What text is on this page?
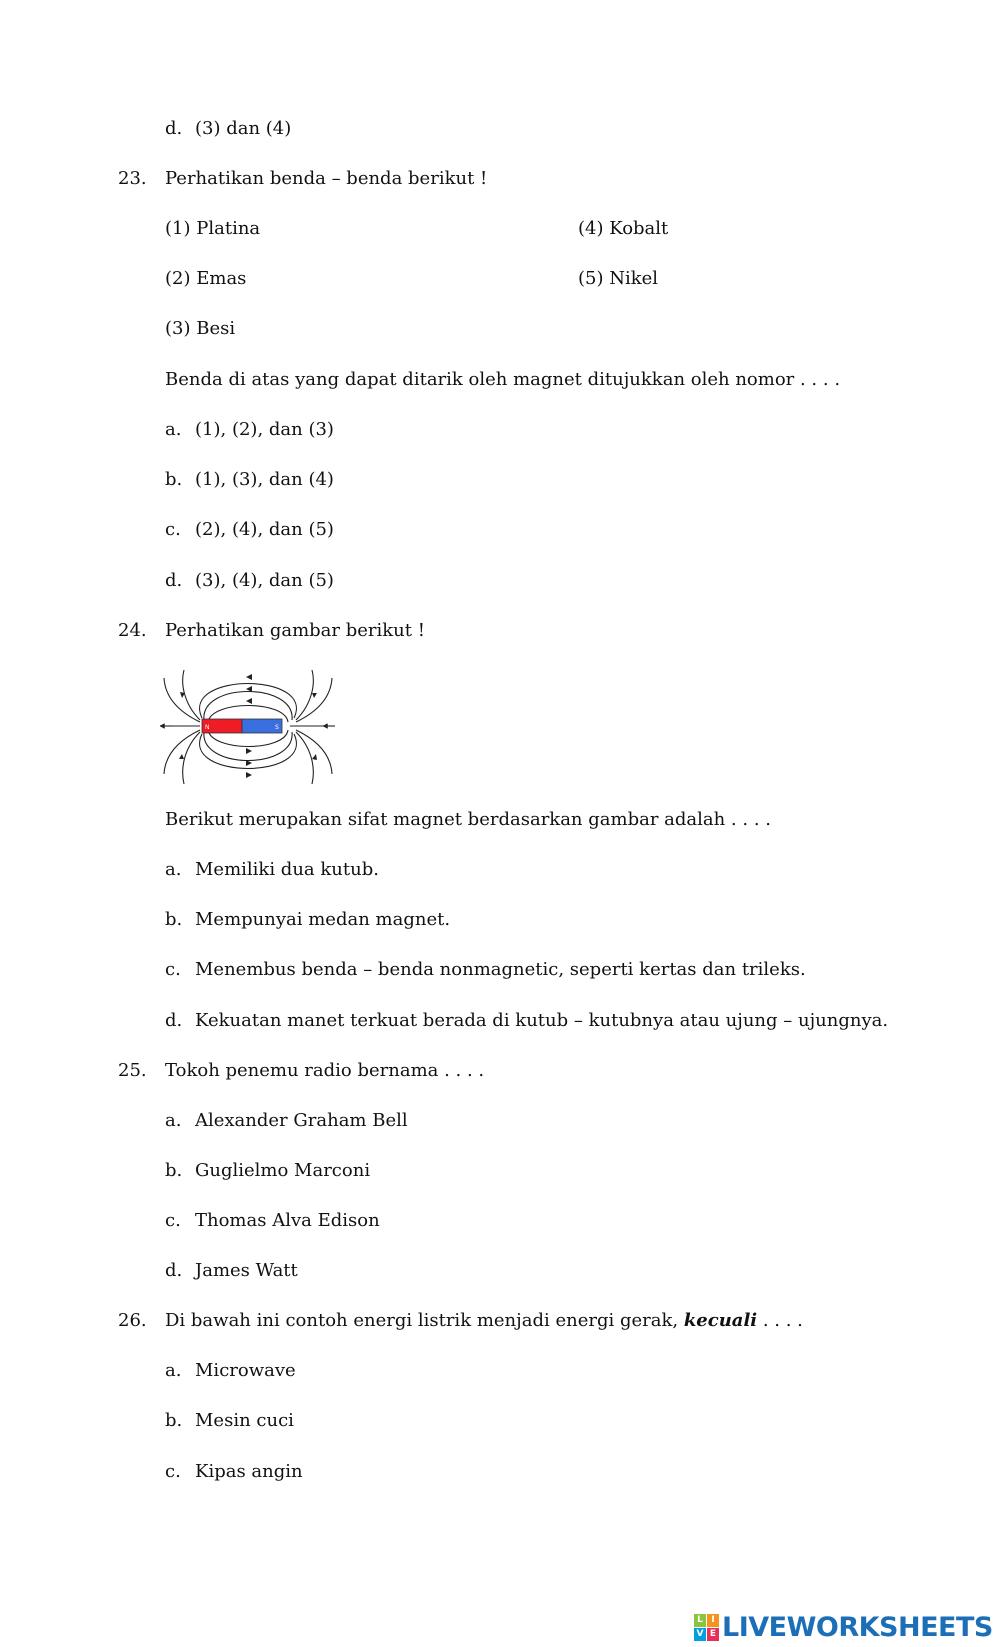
d. (3) dan (4)
23. Perhatikan benda – benda berikut !
(1) Platina	(4) Kobalt
(2) Emas	(5) Nikel
(3) Besi
Benda di atas yang dapat ditarik oleh magnet ditujukkan oleh nomor . . . .
a. (1), (2), dan (3)
b. (1), (3), dan (4)
c. (2), (4), dan (5)
d. (3), (4), dan (5)
24. Perhatikan gambar berikut !
N	S
Berikut merupakan sifat magnet berdasarkan gambar adalah . . . .
a. Memiliki dua kutub.
b. Mempunyai medan magnet.
c. Menembus benda – benda nonmagnetic, seperti kertas dan trileks.
d. Kekuatan manet terkuat berada di kutub – kutubnya atau ujung – ujungnya.
25. Tokoh penemu radio bernama . . . .
a. Alexander Graham Bell
b. Guglielmo Marconi
c. Thomas Alva Edison
d. James Watt
26. Di bawah ini contoh energi listrik menjadi energi gerak, kecuali . . . .
a. Microwave
b. Mesin cuci
c. Kipas angin
L I
V E LIVEWORKSHEETS
